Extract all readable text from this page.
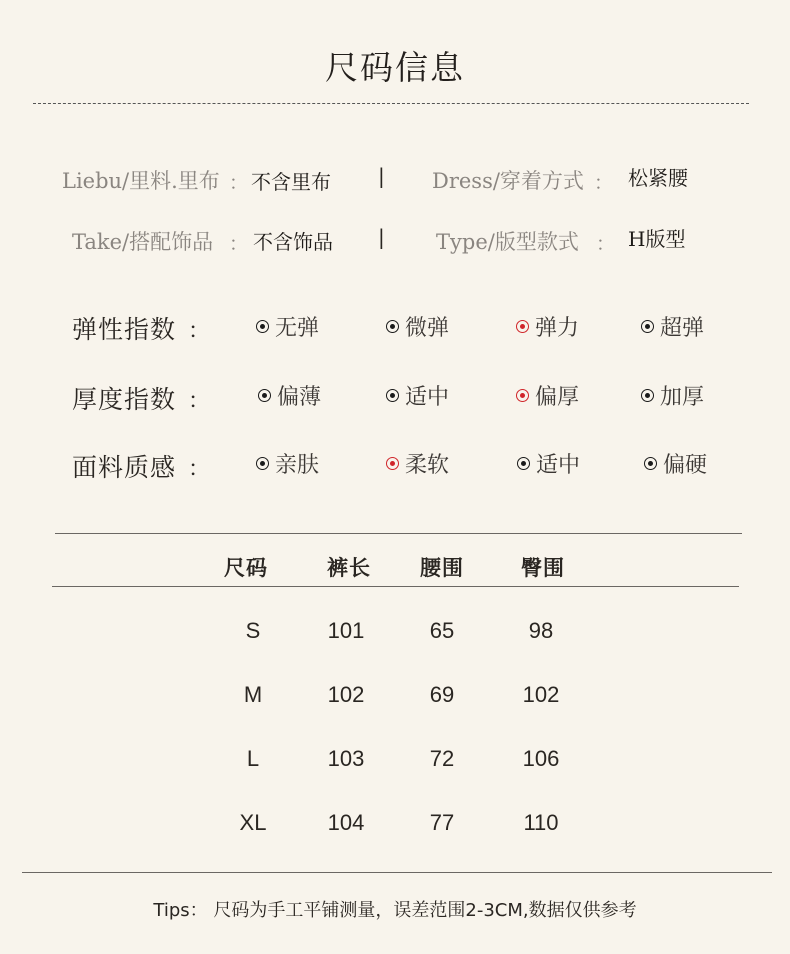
尺码信息
Liebu/里料.里布 ： 不含里布 | Dress/穿着方式 ： 松紧腰
Take/搭配饰品 ： 不含饰品 | Type/版型款式 ： H版型
弹性指数 ：	无弹	微弹	弹力	超弹
厚度指数 ：	偏薄	适中	偏厚	加厚
面料质感 ：	亲肤	柔软	适中	偏硬
尺码	裤长	腰围	臀围
S	101	65	98
M	102	69	102
L	103	72	106
XL	104	77	110
Tips： 尺码为手工平铺测量，误差范围2-3CM,数据仅供参考
